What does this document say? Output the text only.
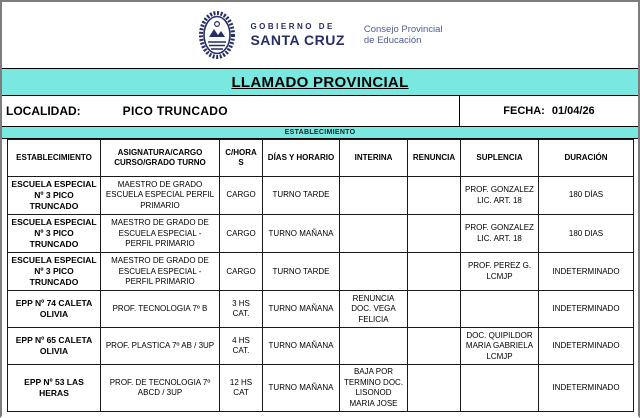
GOBIERNO DE
SANTA CRUZ
Consejo Provincial
de Educación
LLAMADO PROVINCIAL
LOCALIDAD:	PICO TRUNCADO	FECHA: 01/04/26
ESTABLECIMIENTO
ESTABLECIMIENTO	ASIGNATURA/CARGO CURSO/GRADO TURNO	C/HORAS	DÍAS Y HORARIO	INTERINA	RENUNCIA	SUPLENCIA	DURACIÓN
ESCUELA ESPECIAL Nº 3 PICO TRUNCADO	MAESTRO DE GRADO ESCUELA ESPECIAL PERFIL PRIMARIO	CARGO	TURNO TARDE			PROF. GONZALEZ LIC. ART. 18	180 DÍAS
ESCUELA ESPECIAL Nº 3 PICO TRUNCADO	MAESTRO DE GRADO DE ESCUELA ESPECIAL - PERFIL PRIMARIO	CARGO	TURNO MAÑANA			PROF. GONZALEZ LIC. ART. 18	180 DIAS
ESCUELA ESPECIAL Nº 3 PICO TRUNCADO	MAESTRO DE GRADO DE ESCUELA ESPECIAL - PERFIL PRIMARIO	CARGO	TURNO TARDE			PROF. PEREZ G. LCMJP	INDETERMINADO
EPP Nº 74 CALETA OLIVIA	PROF. TECNOLOGIA 7º B	3 HS CAT.	TURNO MAÑANA	RENUNCIA DOC. VEGA FELICIA			INDETERMINADO
EPP Nº 65 CALETA OLIVIA	PROF. PLASTICA 7º AB / 3UP	4 HS CAT.	TURNO MAÑANA			DOC. QUIPILDOR MARIA GABRIELA LCMJP	INDETERMINADO
EPP Nº 53 LAS HERAS	PROF. DE TECNOLOGIA 7º ABCD / 3UP	12 HS CAT	TURNO MAÑANA	BAJA POR TERMINO DOC. LISONOD MARIA JOSE			INDETERMINADO
